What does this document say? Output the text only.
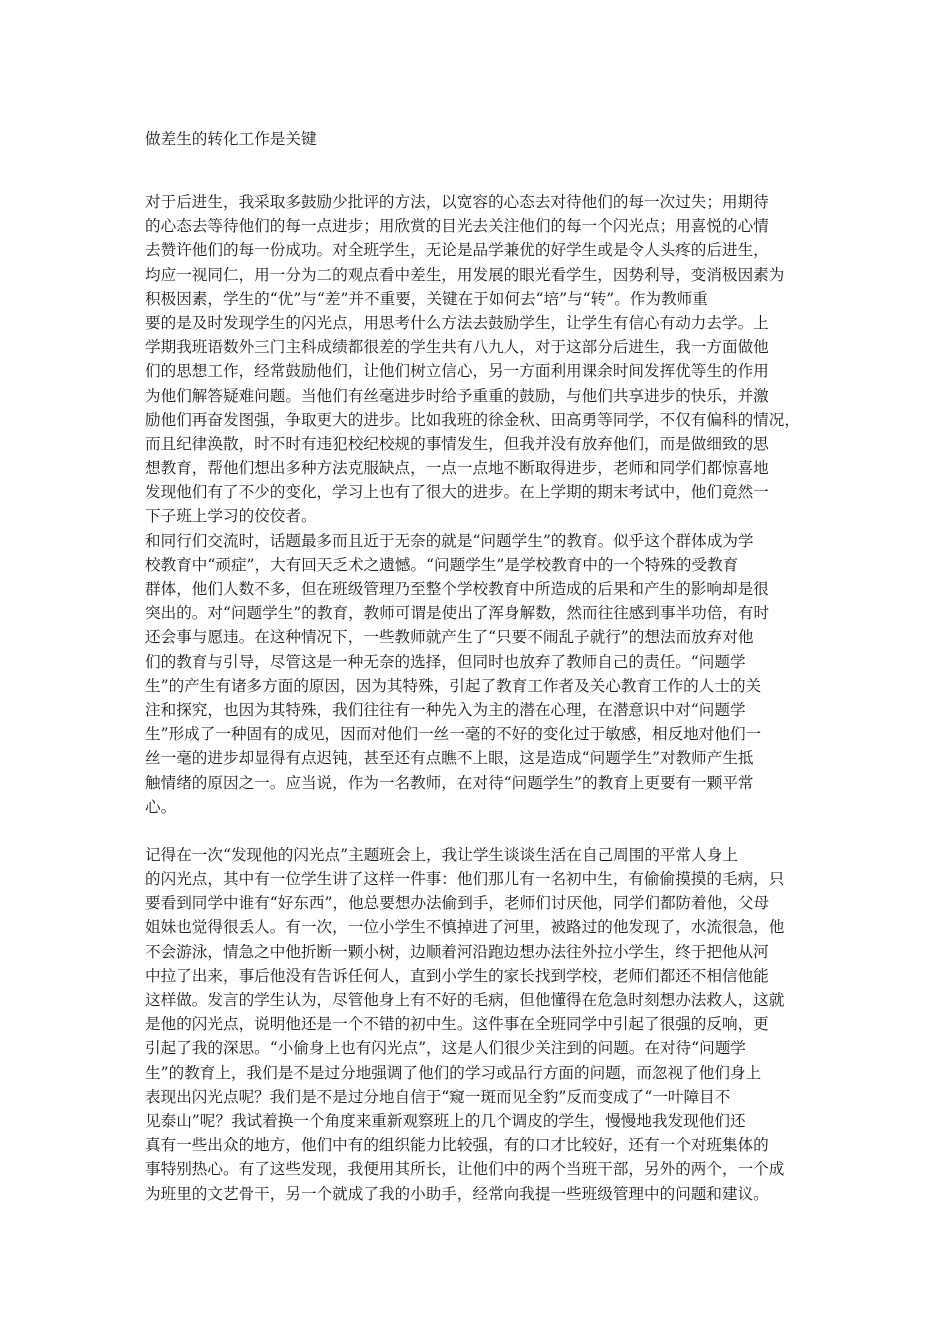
做差生的转化工作是关键
对于后进生，我采取多鼓励少批评的方法，以宽容的心态去对待他们的每一次过失；用期待
的心态去等待他们的每一点进步；用欣赏的目光去关注他们的每一个闪光点；用喜悦的心情
去赞许他们的每一份成功。对全班学生，无论是品学兼优的好学生或是令人头疼的后进生，
均应一视同仁，用一分为二的观点看中差生，用发展的眼光看学生，因势利导，变消极因素为
积极因素，学生的“优”与“差”并不重要，关键在于如何去“培”与“转”。作为教师重
要的是及时发现学生的闪光点，用思考什么方法去鼓励学生，让学生有信心有动力去学。上
学期我班语数外三门主科成绩都很差的学生共有八九人，对于这部分后进生，我一方面做他
们的思想工作，经常鼓励他们，让他们树立信心，另一方面利用课余时间发挥优等生的作用
为他们解答疑难问题。当他们有丝毫进步时给予重重的鼓励，与他们共享进步的快乐，并激
励他们再奋发图强，争取更大的进步。比如我班的徐金秋、田高勇等同学，不仅有偏科的情况，
而且纪律涣散，时不时有违犯校纪校规的事情发生，但我并没有放弃他们，而是做细致的思
想教育，帮他们想出多种方法克服缺点，一点一点地不断取得进步，老师和同学们都惊喜地
发现他们有了不少的变化，学习上也有了很大的进步。在上学期的期末考试中，他们竟然一
下子班上学习的佼佼者。
和同行们交流时，话题最多而且近于无奈的就是“问题学生”的教育。似乎这个群体成为学
校教育中“顽症”，大有回天乏术之遗憾。“问题学生”是学校教育中的一个特殊的受教育
群体，他们人数不多，但在班级管理乃至整个学校教育中所造成的后果和产生的影响却是很
突出的。对“问题学生”的教育，教师可谓是使出了浑身解数，然而往往感到事半功倍，有时
还会事与愿违。在这种情况下，一些教师就产生了“只要不闹乱子就行”的想法而放弃对他
们的教育与引导，尽管这是一种无奈的选择，但同时也放弃了教师自己的责任。“问题学
生”的产生有诸多方面的原因，因为其特殊，引起了教育工作者及关心教育工作的人士的关
注和探究，也因为其特殊，我们往往有一种先入为主的潜在心理，在潜意识中对“问题学
生”形成了一种固有的成见，因而对他们一丝一毫的不好的变化过于敏感，相反地对他们一
丝一毫的进步却显得有点迟钝，甚至还有点瞧不上眼，这是造成“问题学生”对教师产生抵
触情绪的原因之一。应当说，作为一名教师，在对待“问题学生”的教育上更要有一颗平常
心。
记得在一次“发现他的闪光点”主题班会上，我让学生谈谈生活在自己周围的平常人身上
的闪光点，其中有一位学生讲了这样一件事：他们那儿有一名初中生，有偷偷摸摸的毛病，只
要看到同学中谁有“好东西”，他总要想办法偷到手，老师们讨厌他，同学们都防着他，父母
姐妹也觉得很丢人。有一次，一位小学生不慎掉进了河里，被路过的他发现了，水流很急，他
不会游泳，情急之中他折断一颗小树，边顺着河沿跑边想办法往外拉小学生，终于把他从河
中拉了出来，事后他没有告诉任何人，直到小学生的家长找到学校，老师们都还不相信他能
这样做。发言的学生认为，尽管他身上有不好的毛病，但他懂得在危急时刻想办法救人，这就
是他的闪光点，说明他还是一个不错的初中生。这件事在全班同学中引起了很强的反响，更
引起了我的深思。“小偷身上也有闪光点”，这是人们很少关注到的问题。在对待“问题学
生”的教育上，我们是不是过分地强调了他们的学习或品行方面的问题，而忽视了他们身上
表现出闪光点呢？我们是不是过分地自信于“窥一斑而见全豹”反而变成了“一叶障目不
见泰山”呢？我试着换一个角度来重新观察班上的几个调皮的学生，慢慢地我发现他们还
真有一些出众的地方，他们中有的组织能力比较强，有的口才比较好，还有一个对班集体的
事特别热心。有了这些发现，我便用其所长，让他们中的两个当班干部，另外的两个，一个成
为班里的文艺骨干，另一个就成了我的小助手，经常向我提一些班级管理中的问题和建议。
